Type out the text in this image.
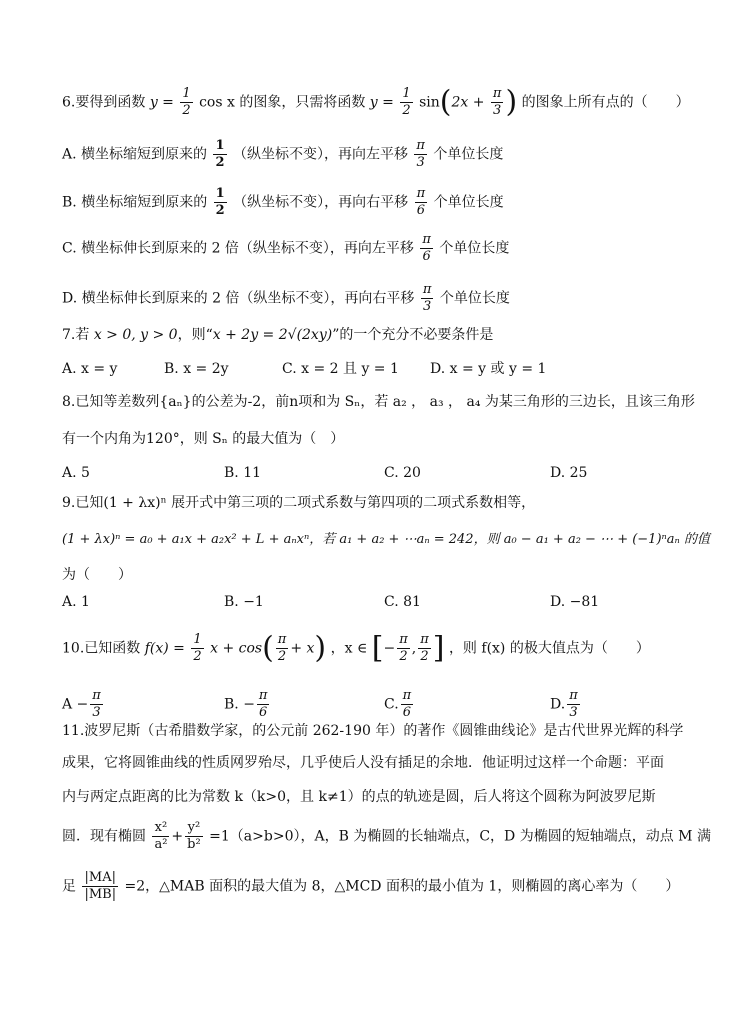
6.要得到函数 $y = \frac{1}{2}$ cos x 的图象，只需将函数 $y = \frac{1}{2} \sin(2x + \frac{\pi}{3}$ ) 的图象上所有点的（　　）
A. 横坐标缩短到原来的 $\frac{1}{2}$ （纵坐标不变），再向左平移 $\frac{\pi}{3}$ 个单位长度
B. 横坐标缩短到原来的 $\frac{1}{2}$ （纵坐标不变），再向右平移 $\frac{\pi}{6}$ 个单位长度
C. 横坐标伸长到原来的 2 倍（纵坐标不变），再向左平移 $\frac{\pi}{6}$ 个单位长度
D. 横坐标伸长到原来的 2 倍（纵坐标不变），再向右平移 $\frac{\pi}{3}$ 个单位长度
7.若 x > 0, y > 0，则“x + 2y = 2√(2xy)”的一个充分不必要条件是
A. x = y	B. x = 2y	C. x = 2 且 y = 1 D. x = y 或 y = 1
8.已知等差数列{aₙ}的公差为-2，前n项和为 Sₙ，若 a₂ ， a₃ ， a₄ 为某三角形的三边长，且该三角形
有一个内角为120°，则 Sₙ 的最大值为（　）
A. 5	B. 11	C. 20	D. 25
9.已知(1 + λx)ⁿ 展开式中第三项的二项式系数与第四项的二项式系数相等，
(1 + λx)ⁿ = a₀ + a₁x + a₂x² + L + aₙxⁿ，若 a₁ + a₂ + ⋯aₙ = 242，则 a₀ − a₁ + a₂ − ⋯ + (−1)ⁿaₙ 的值
为（　　）
A. 1	B. −1	C. 81	D. −81
10.已知函数 $f(x) = \frac{1}{2}$ $x + \cos( \frac{\pi}{2} + x)$ ，x ∈ [− $\frac{\pi}{2}$ , $\frac{\pi}{2}$ ] ，则 f(x) 的极大值点为（　　）
$A - \frac{\pi}{3}$	B. − $\frac{\pi}{6}$	C. $\frac{\pi}{6}$	D. $\frac{\pi}{3}$
11.波罗尼斯（古希腊数学家，的公元前 262-190 年）的著作《圆锥曲线论》是古代世界光辉的科学
成果，它将圆锥曲线的性质网罗殆尽，几乎使后人没有插足的余地．他证明过这样一个命题：平面
内与两定点距离的比为常数 k（k>0，且 k≠1）的点的轨迹是圆，后人将这个圆称为阿波罗尼斯
圆．现有椭圆 $\frac{\text{x²}}{\text{a²}} + \frac{\text{y²}}{\text{b²}} =1(a>b>0)$，A，B 为椭圆的长轴端点，C，D 为椭圆的短轴端点，动点 M 满
足 $\frac{|MA|}{|MB|} =2$，△MAB 面积的最大值为 8，△MCD 面积的最小值为 1，则椭圆的离心率为（　　）
